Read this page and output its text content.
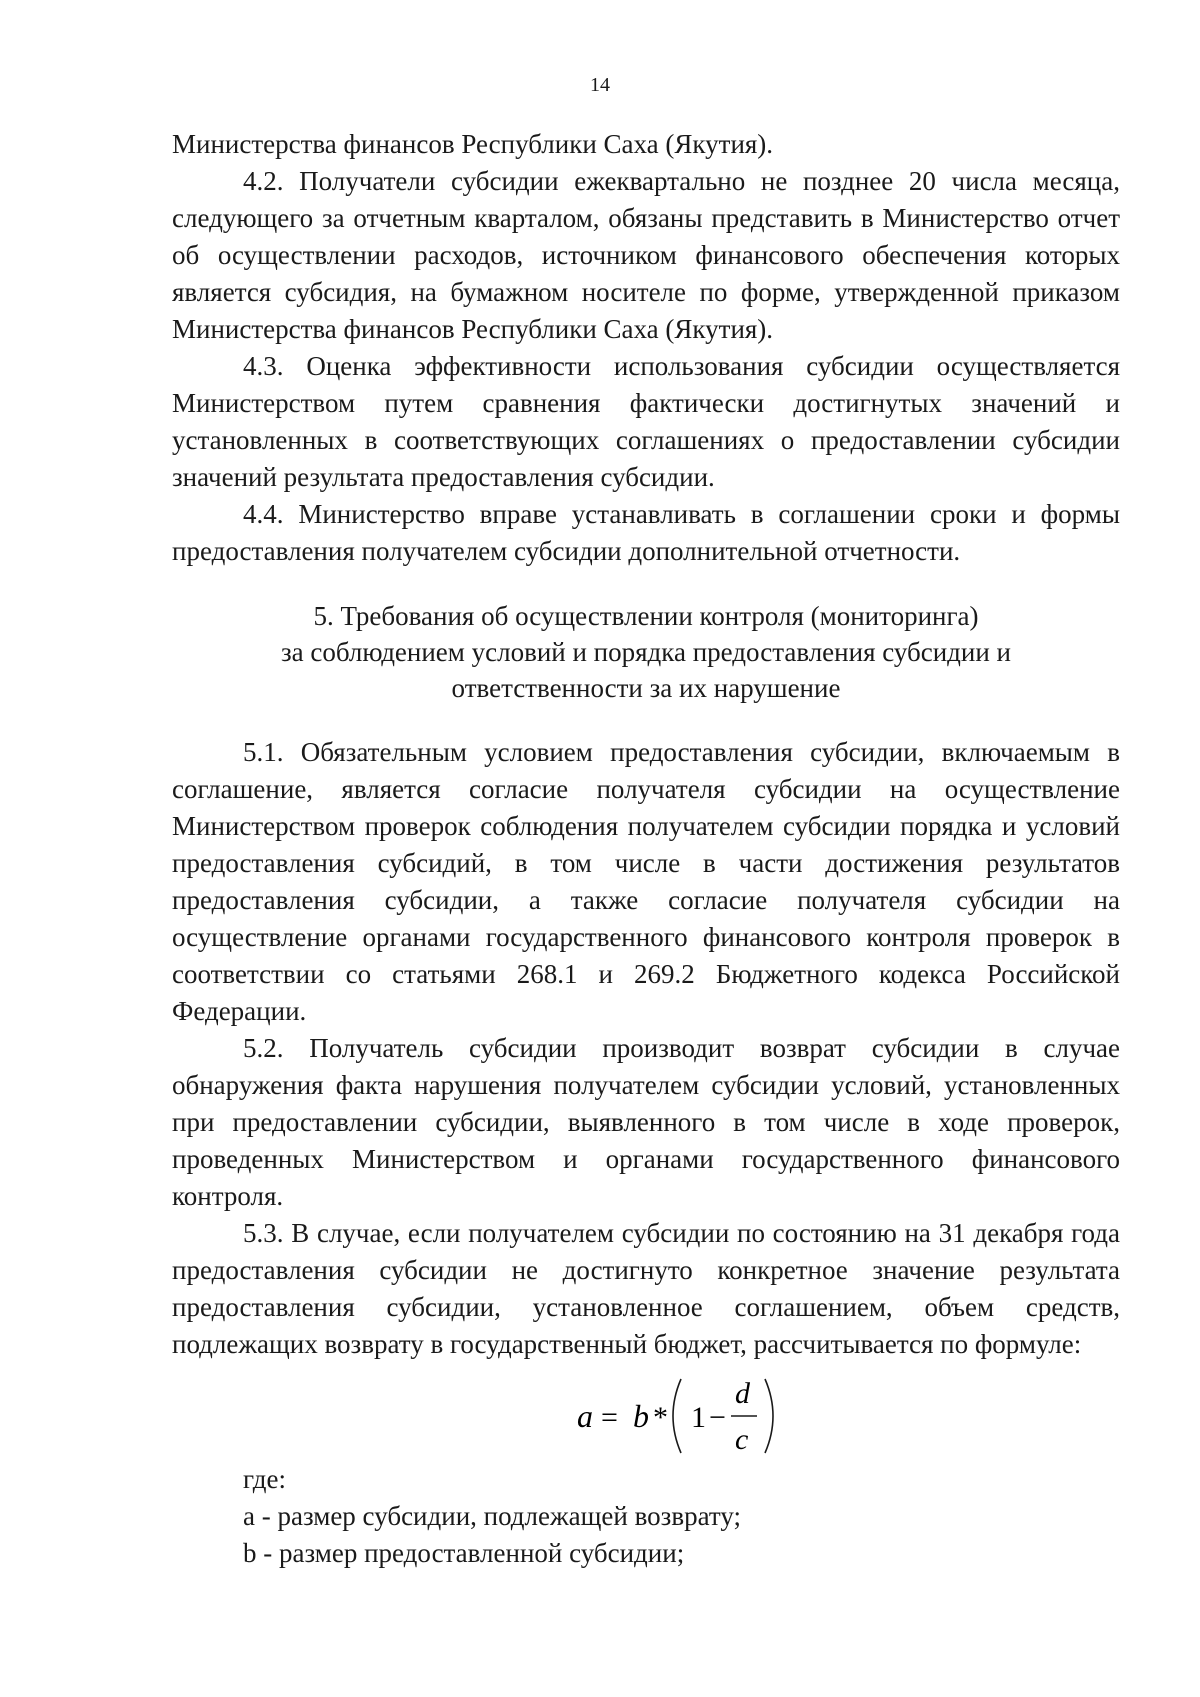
14

Министерства финансов Республики Саха (Якутия).

4.2. Получатели субсидии ежеквартально не позднее 20 числа месяца, следующего за отчетным кварталом, обязаны представить в Министерство отчет об осуществлении расходов, источником финансового обеспечения которых является субсидия, на бумажном носителе по форме, утвержденной приказом Министерства финансов Республики Саха (Якутия).

4.3. Оценка эффективности использования субсидии осуществляется Министерством путем сравнения фактически достигнутых значений и установленных в соответствующих соглашениях о предоставлении субсидии значений результата предоставления субсидии.

4.4. Министерство вправе устанавливать в соглашении сроки и формы предоставления получателем субсидии дополнительной отчетности.

5. Требования об осуществлении контроля (мониторинга)
за соблюдением условий и порядка предоставления субсидии и
ответственности за их нарушение

5.1. Обязательным условием предоставления субсидии, включаемым в соглашение, является согласие получателя субсидии на осуществление Министерством проверок соблюдения получателем субсидии порядка и условий предоставления субсидий, в том числе в части достижения результатов предоставления субсидии, а также согласие получателя субсидии на осуществление органами государственного финансового контроля проверок в соответствии со статьями 268.1 и 269.2 Бюджетного кодекса Российской Федерации.

5.2. Получатель субсидии производит возврат субсидии в случае обнаружения факта нарушения получателем субсидии условий, установленных при предоставлении субсидии, выявленного в том числе в ходе проверок, проведенных Министерством и органами государственного финансового контроля.

5.3. В случае, если получателем субсидии по состоянию на 31 декабря года предоставления субсидии не достигнуто конкретное значение результата предоставления субсидии, установленное соглашением, объем средств, подлежащих возврату в государственный бюджет, рассчитывается по формуле:

a = b * 1 −
d
c

где:

a - размер субсидии, подлежащей возврату;

b - размер предоставленной субсидии;
